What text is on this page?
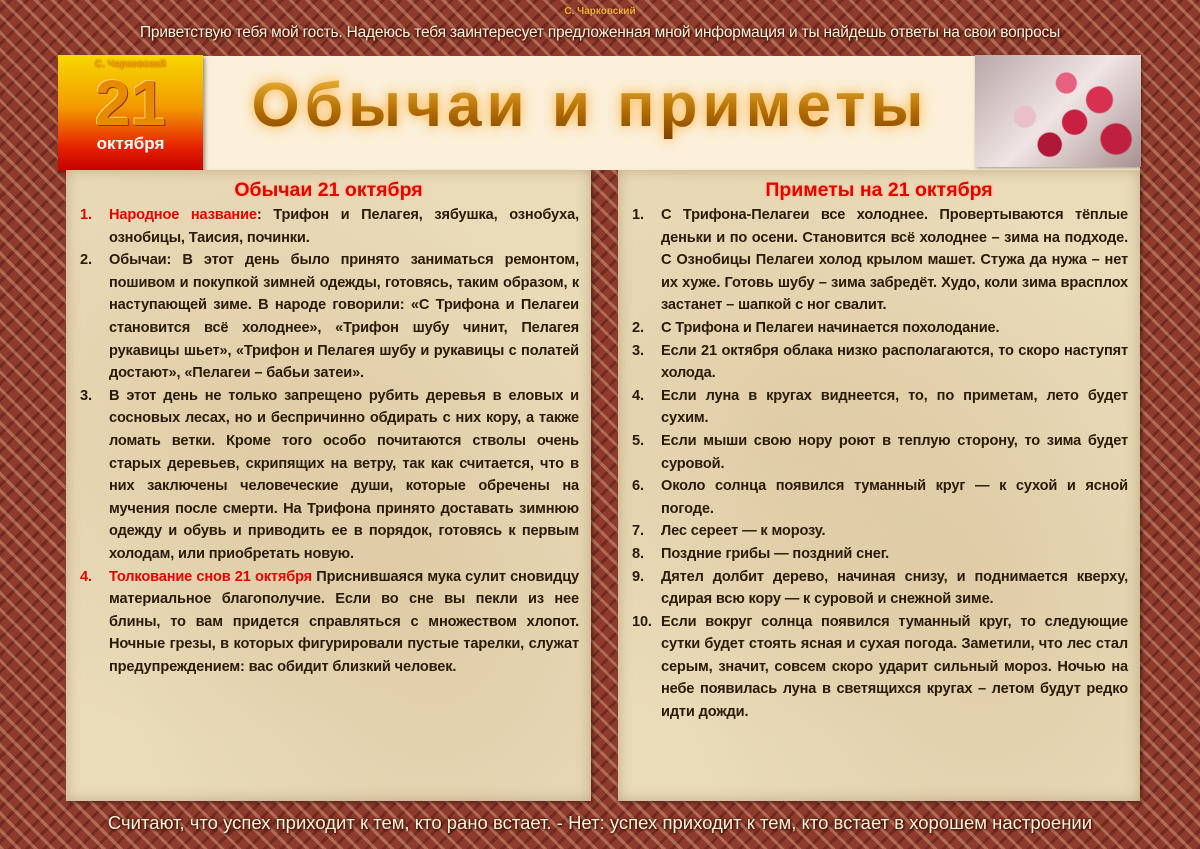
С. Чарковский
Приветствую тебя мой гость. Надеюсь тебя заинтересует предложенная мной информация и ты найдешь ответы на свои вопросы
С. Чарковский
21
октября
Обычаи и приметы
Обычаи 21 октября
1.	Народное название: Трифон и Пелагея, зябушка, ознобуха, ознобицы, Таисия, починки.
2.	Обычаи: В этот день было принято заниматься ремонтом, пошивом и покупкой зимней одежды, готовясь, таким образом, к наступающей зиме. В народе говорили: «С Трифона и Пелагеи становится всё холоднее», «Трифон шубу чинит, Пелагея рукавицы шьет», «Трифон и Пелагея шубу и рукавицы с полатей достают», «Пелагеи – бабьи затеи».
3.	В этот день не только запрещено рубить деревья в еловых и сосновых лесах, но и беспричинно обдирать с них кору, а также ломать ветки. Кроме того особо почитаются стволы очень старых деревьев, скрипящих на ветру, так как считается, что в них заключены человеческие души, которые обречены на мучения после смерти. На Трифона принято доставать зимнюю одежду и обувь и приводить ее в порядок, готовясь к первым холодам, или приобретать новую.
4.	Толкование снов 21 октября Приснившаяся мука сулит сновидцу материальное благополучие. Если во сне вы пекли из нее блины, то вам придется справляться с множеством хлопот. Ночные грезы, в которых фигурировали пустые тарелки, служат предупреждением: вас обидит близкий человек.
Приметы на 21 октября
1.	С Трифона-Пелагеи все холоднее. Провертываются тёплые деньки и по осени. Становится всё холоднее – зима на подходе. С Ознобицы Пелагеи холод крылом машет. Стужа да нужа – нет их хуже. Готовь шубу – зима забредёт. Худо, коли зима врасплох застанет – шапкой с ног свалит.
2.	С Трифона и Пелагеи начинается похолодание.
3.	Если 21 октября облака низко располагаются, то скоро наступят холода.
4.	Если луна в кругах виднеется, то, по приметам, лето будет сухим.
5.	Если мыши свою нору роют в теплую сторону, то зима будет суровой.
6.	Около солнца появился туманный круг — к сухой и ясной погоде.
7.	Лес сереет — к морозу.
8.	Поздние грибы — поздний снег.
9.	Дятел долбит дерево, начиная снизу, и поднимается кверху, сдирая всю кору — к суровой и снежной зиме.
10. Если вокруг солнца появился туманный круг, то следующие сутки будет стоять ясная и сухая погода. Заметили, что лес стал серым, значит, совсем скоро ударит сильный мороз. Ночью на небе появилась луна в светящихся кругах – летом будут редко идти дожди.
Считают, что успех приходит к тем, кто рано встает. - Нет: успех приходит к тем, кто встает в хорошем настроении
